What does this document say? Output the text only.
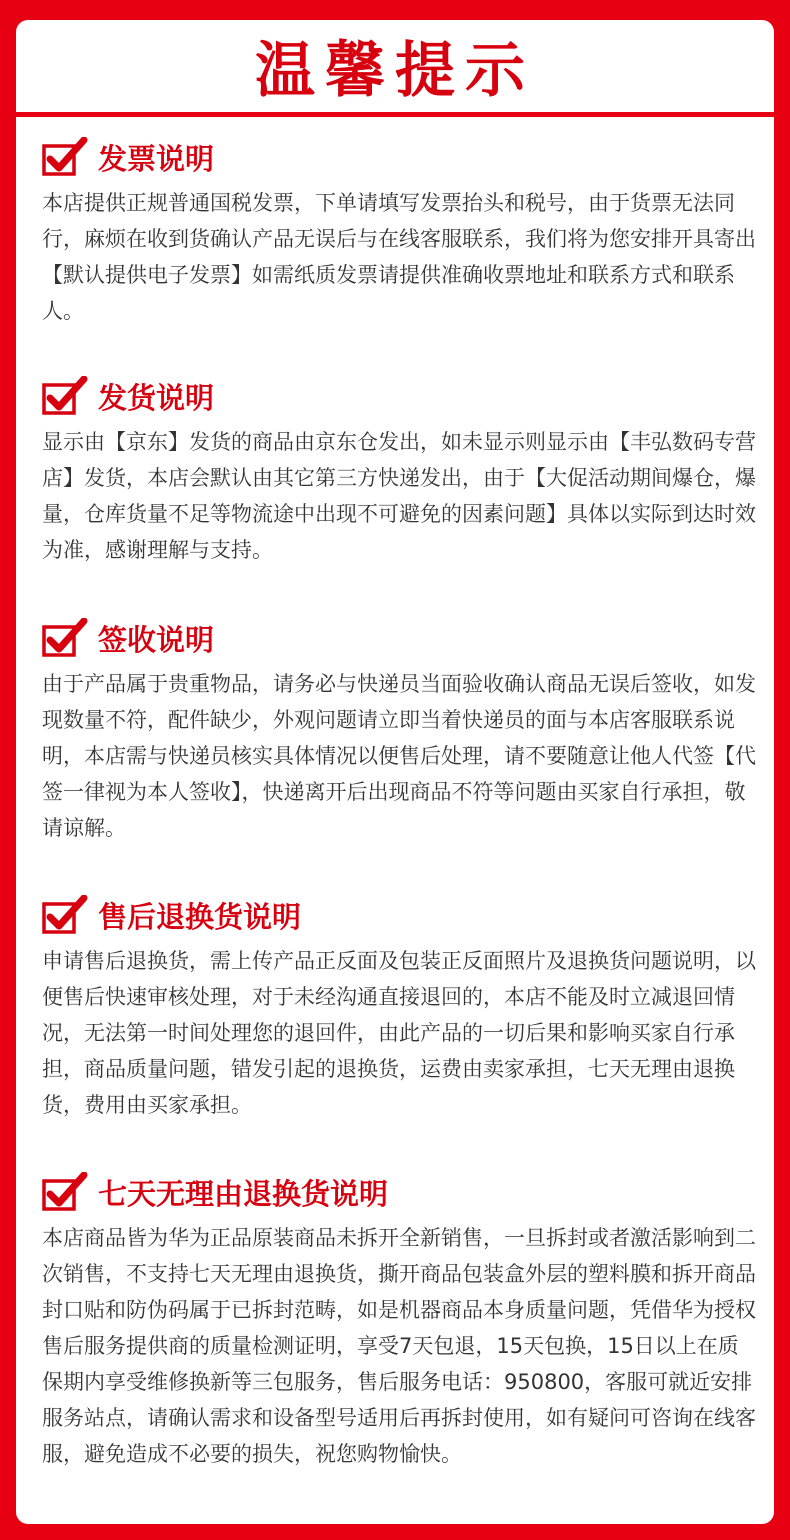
温馨提示
发票说明
本店提供正规普通国税发票，下单请填写发票抬头和税号，由于货票无法同行，麻烦在收到货确认产品无误后与在线客服联系，我们将为您安排开具寄出【默认提供电子发票】如需纸质发票请提供准确收票地址和联系方式和联系人。
发货说明
显示由【京东】发货的商品由京东仓发出，如未显示则显示由【丰弘数码专营店】发货，本店会默认由其它第三方快递发出，由于【大促活动期间爆仓，爆量，仓库货量不足等物流途中出现不可避免的因素问题】具体以实际到达时效为准，感谢理解与支持。
签收说明
由于产品属于贵重物品，请务必与快递员当面验收确认商品无误后签收，如发现数量不符，配件缺少，外观问题请立即当着快递员的面与本店客服联系说明，本店需与快递员核实具体情况以便售后处理，请不要随意让他人代签【代签一律视为本人签收】，快递离开后出现商品不符等问题由买家自行承担，敬请谅解。
售后退换货说明
申请售后退换货，需上传产品正反面及包装正反面照片及退换货问题说明，以便售后快速审核处理，对于未经沟通直接退回的，本店不能及时立减退回情况，无法第一时间处理您的退回件，由此产品的一切后果和影响买家自行承担，商品质量问题，错发引起的退换货，运费由卖家承担，七天无理由退换货，费用由买家承担。
七天无理由退换货说明
本店商品皆为华为正品原装商品未拆开全新销售，一旦拆封或者激活影响到二次销售，不支持七天无理由退换货，撕开商品包装盒外层的塑料膜和拆开商品封口贴和防伪码属于已拆封范畴，如是机器商品本身质量问题，凭借华为授权售后服务提供商的质量检测证明，享受7天包退，15天包换，15日以上在质保期内享受维修换新等三包服务，售后服务电话：950800，客服可就近安排服务站点，请确认需求和设备型号适用后再拆封使用，如有疑问可咨询在线客服，避免造成不必要的损失，祝您购物愉快。
